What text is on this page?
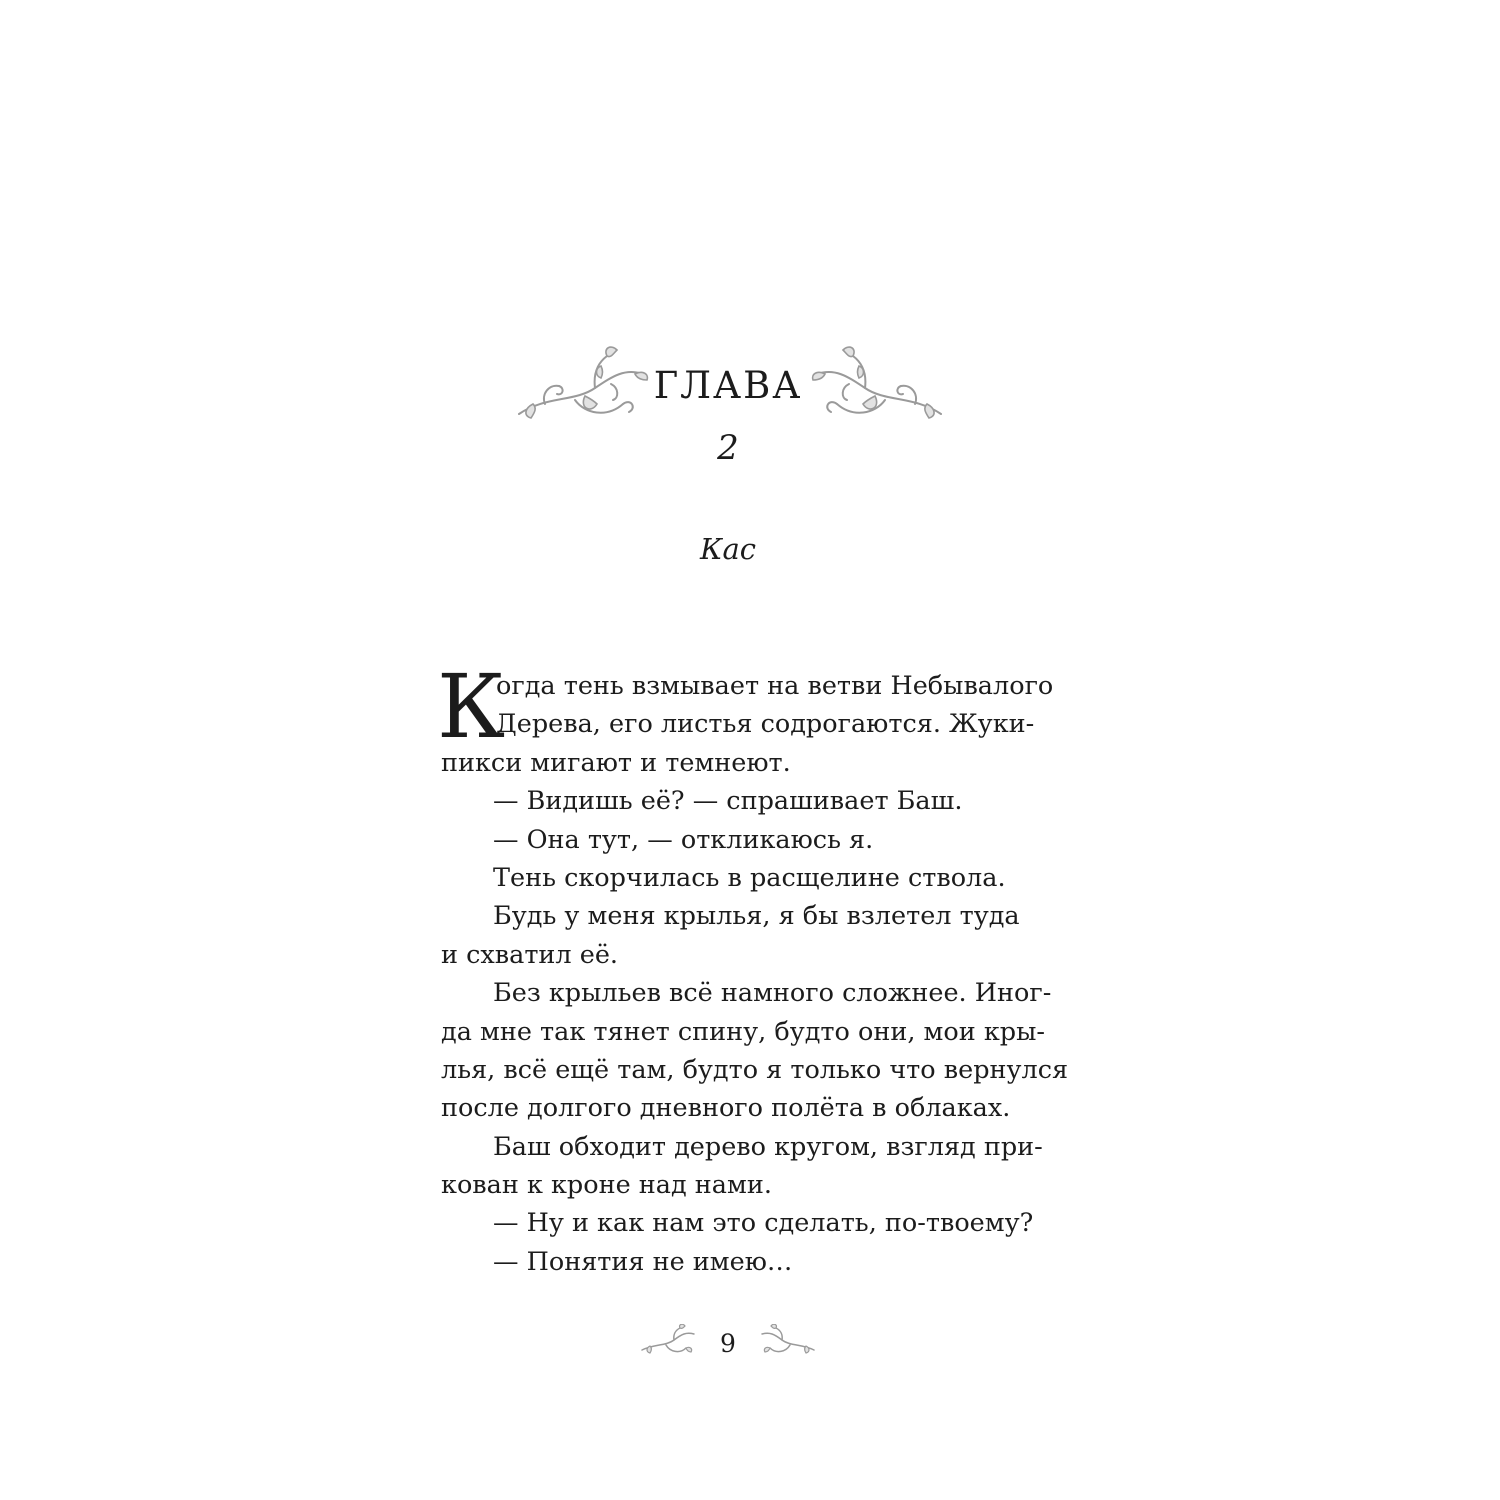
ГЛАВА
2
Кас
К
огда тень взмывает на ветви Небывалого
Дерева, его листья содрогаются. Жуки-
пикси мигают и темнеют.
— Видишь её? — спрашивает Баш.
— Она тут, — откликаюсь я.
Тень скорчилась в расщелине ствола.
Будь у меня крылья, я бы взлетел туда
и схватил её.
Без крыльев всё намного сложнее. Иног-
да мне так тянет спину, будто они, мои кры-
лья, всё ещё там, будто я только что вернулся
после долгого дневного полёта в облаках.
Баш обходит дерево кругом, взгляд при-
кован к кроне над нами.
— Ну и как нам это сделать, по-твоему?
— Понятия не имею…
9
